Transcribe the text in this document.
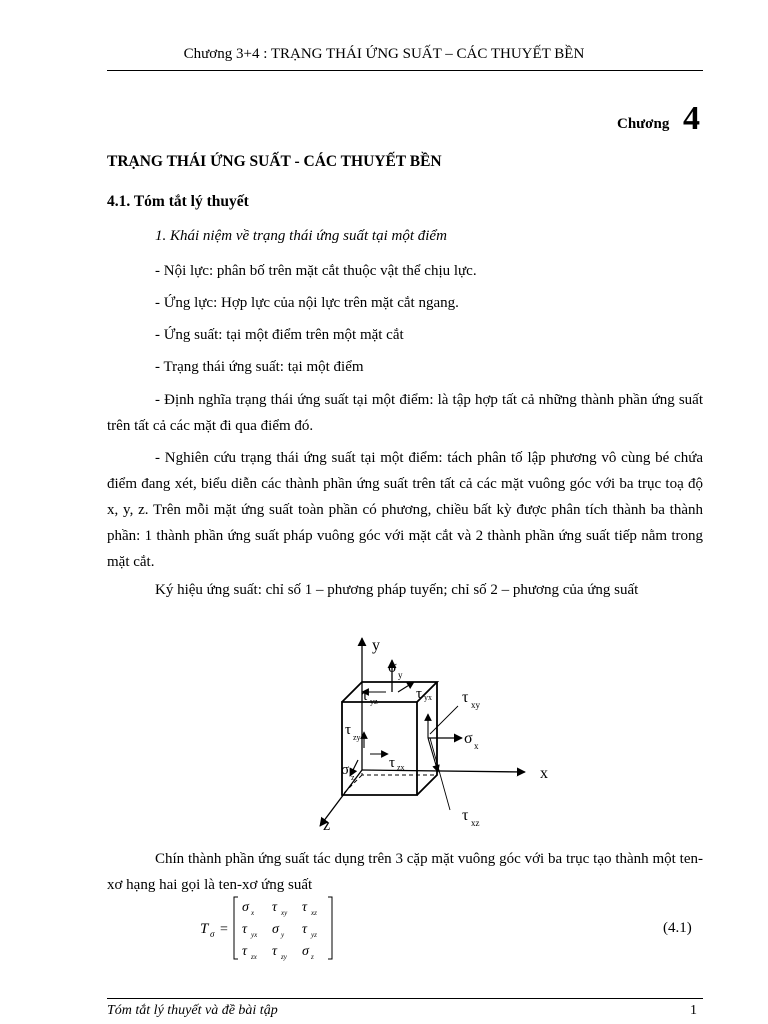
Chương 3+4 : TRẠNG THÁI ỨNG SUẤT – CÁC THUYẾT BỀN
Chương 4
TRẠNG THÁI ỨNG SUẤT - CÁC THUYẾT BỀN
4.1. Tóm tắt lý thuyết
1. Khái niệm về trạng thái ứng suất tại một điểm
- Nội lực: phân bố trên mặt cắt thuộc vật thể chịu lực.
- Ứng lực: Hợp lực của nội lực trên mặt cắt ngang.
- Ứng suất: tại một điểm trên một mặt cắt
- Trạng thái ứng suất: tại một điểm
- Định nghĩa trạng thái ứng suất tại một điểm: là tập hợp tất cả những thành phần ứng suất trên tất cả các mặt đi qua điểm đó.
- Nghiên cứu trạng thái ứng suất tại một điểm: tách phân tố lập phương vô cùng bé chứa điểm đang xét, biểu diễn các thành phần ứng suất trên tất cả các mặt vuông góc với ba trục toạ độ x, y, z. Trên mỗi mặt ứng suất toàn phần có phương, chiều bất kỳ được phân tích thành ba thành phần: 1 thành phần ứng suất pháp vuông góc với mặt cắt và 2 thành phần ứng suất tiếp nằm trong mặt cắt.
Ký hiệu ứng suất: chỉ số 1 – phương pháp tuyến; chỉ số 2 – phương của ứng suất
y
x
z
σ y
τ yz	τ yx τ xy
σ x
τ zy
τ zx
σ z
τ xz
Chín thành phần ứng suất tác dụng trên 3 cặp mặt vuông góc với ba trục tạo thành một ten-xơ hạng hai gọi là ten-xơ ứng suất
T σ =
σ x τ xy τ xz
τ yx σ y τ yz
τ zx τ zy σ z
(4.1)
Tóm tắt lý thuyết và đề bài tập	1
